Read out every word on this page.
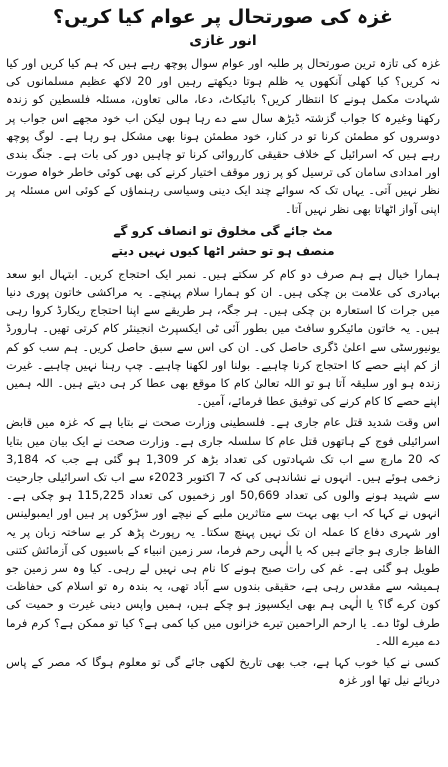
غزہ کی صورتحال پر عوام کیا کریں؟
انور غازی

غزہ کی تازہ ترین صورتحال پر طلبہ اور عوام سوال پوچھ رہے ہیں کہ ہم کیا کریں اور کیا نہ کریں؟ کیا کھلی آنکھوں یہ ظلم ہوتا دیکھتے رہیں اور 20 لاکھ عظیم مسلمانوں کی شہادت مکمل ہونے کا انتظار کریں؟ بائیکاٹ، دعا، مالی تعاون، مسئلہ فلسطین کو زندہ رکھنا وغیرہ کا جواب گزشتہ ڈیڑھ سال سے دے رہا ہوں لیکن اب خود مجھے اس جواب پر دوسروں کو مطمئن کرنا تو در کنار، خود مطمئن ہونا بھی مشکل ہو رہا ہے۔ لوگ پوچھ رہے ہیں کہ اسرائیل کے خلاف حقیقی کارروائی کرنا تو چاہیں دور کی بات ہے۔ جنگ بندی اور امدادی سامان کی ترسیل کو پر زور موقف اختیار کرنے کی بھی کوئی خاطر خواہ صورت نظر نہیں آتی۔ یہاں تک کہ سوائے چند ایک دینی وسیاسی رہنماؤں کے کوئی اس مسئلہ پر اپنی آواز اٹھاتا بھی نظر نہیں آتا۔

مٹ جائے گی مخلوق تو انصاف کرو گے
منصف ہو تو حشر اٹھا کیوں نہیں دیتے

ہمارا خیال ہے ہم صرف دو کام کر سکتے ہیں۔ نمبر ایک احتجاج کریں۔ ابتہال ابو سعد بہادری کی علامت بن چکی ہیں۔ ان کو ہمارا سلام پہنچے۔ یہ مراکشی خاتون پوری دنیا میں جرات کا استعارہ بن چکی ہیں۔ ہر جگہ، ہر طریقے سے اپنا احتجاج ریکارڈ کروا رہی ہیں۔ یہ خاتون مائیکرو سافٹ میں بطور آئی ٹی ایکسپرٹ انجینئر کام کرتی تھیں۔ ہارورڈ یونیورسٹی سے اعلیٰ ڈگری حاصل کی۔ ان کی اس سے سبق حاصل کریں۔ ہم سب کو کم از کم اپنے حصے کا احتجاج کرنا چاہیے۔ بولنا اور لکھنا چاہیے۔ چپ رہنا نہیں چاہیے۔ غیرت زندہ ہو اور سلیقہ آتا ہو تو اللہ تعالیٰ کام کا موقع بھی عطا کر ہی دیتے ہیں۔ اللہ ہمیں اپنے حصے کا کام کرنے کی توفیق عطا فرمائے، آمین۔

اس وقت شدید قتل عام جاری ہے۔ فلسطینی وزارت صحت نے بتایا ہے کہ غزہ میں قابض اسرائیلی فوج کے ہاتھوں قتل عام کا سلسلہ جاری ہے۔ وزارت صحت نے ایک بیان میں بتایا کہ 20 مارچ سے اب تک شہادتوں کی تعداد بڑھ کر 1,309 ہو گئی ہے جب کہ 3,184 زخمی ہوئے ہیں۔ انہوں نے نشاندہی کی کہ 7 اکتوبر 2023ء سے اب تک اسرائیلی جارحیت سے شہید ہونے والوں کی تعداد 50,669 اور زخمیوں کی تعداد 115,225 ہو چکی ہے۔ انہوں نے کہا کہ اب بھی بہت سے متاثرین ملبے کے نیچے اور سڑکوں پر ہیں اور ایمبولینس اور شہری دفاع کا عملہ ان تک نہیں پہنچ سکتا۔ یہ رپورٹ پڑھ کر بے ساختہ زبان پر یہ الفاظ جاری ہو جاتے ہیں کہ یا الٰہی رحم فرما، سر زمین انبیاء کے باسیوں کی آزمائش کتنی طویل ہو گئی ہے۔ غم کی رات صبح ہونے کا نام ہی نہیں لے رہی۔ کیا وہ سر زمین جو ہمیشہ سے مقدس رہی ہے، حقیقی بندوں سے آباد تھی، یہ بندہ رہ تو اسلام کی حفاظت کون کرے گا؟ یا الٰہی ہم بھی ایکسپوز ہو چکے ہیں، ہمیں واپس دینی غیرت و حمیت کی طرف لوٹا دے۔ یا ارحم الراحمین تیرے خزانوں میں کیا کمی ہے؟ کیا تو ممکن ہے؟ کرم فرما دے میرے اللہ۔

کسی نے کیا خوب کہا ہے، جب بھی تاریخ لکھی جائے گی تو معلوم ہوگا کہ مصر کے پاس دریائے نیل تھا اور غزہ
